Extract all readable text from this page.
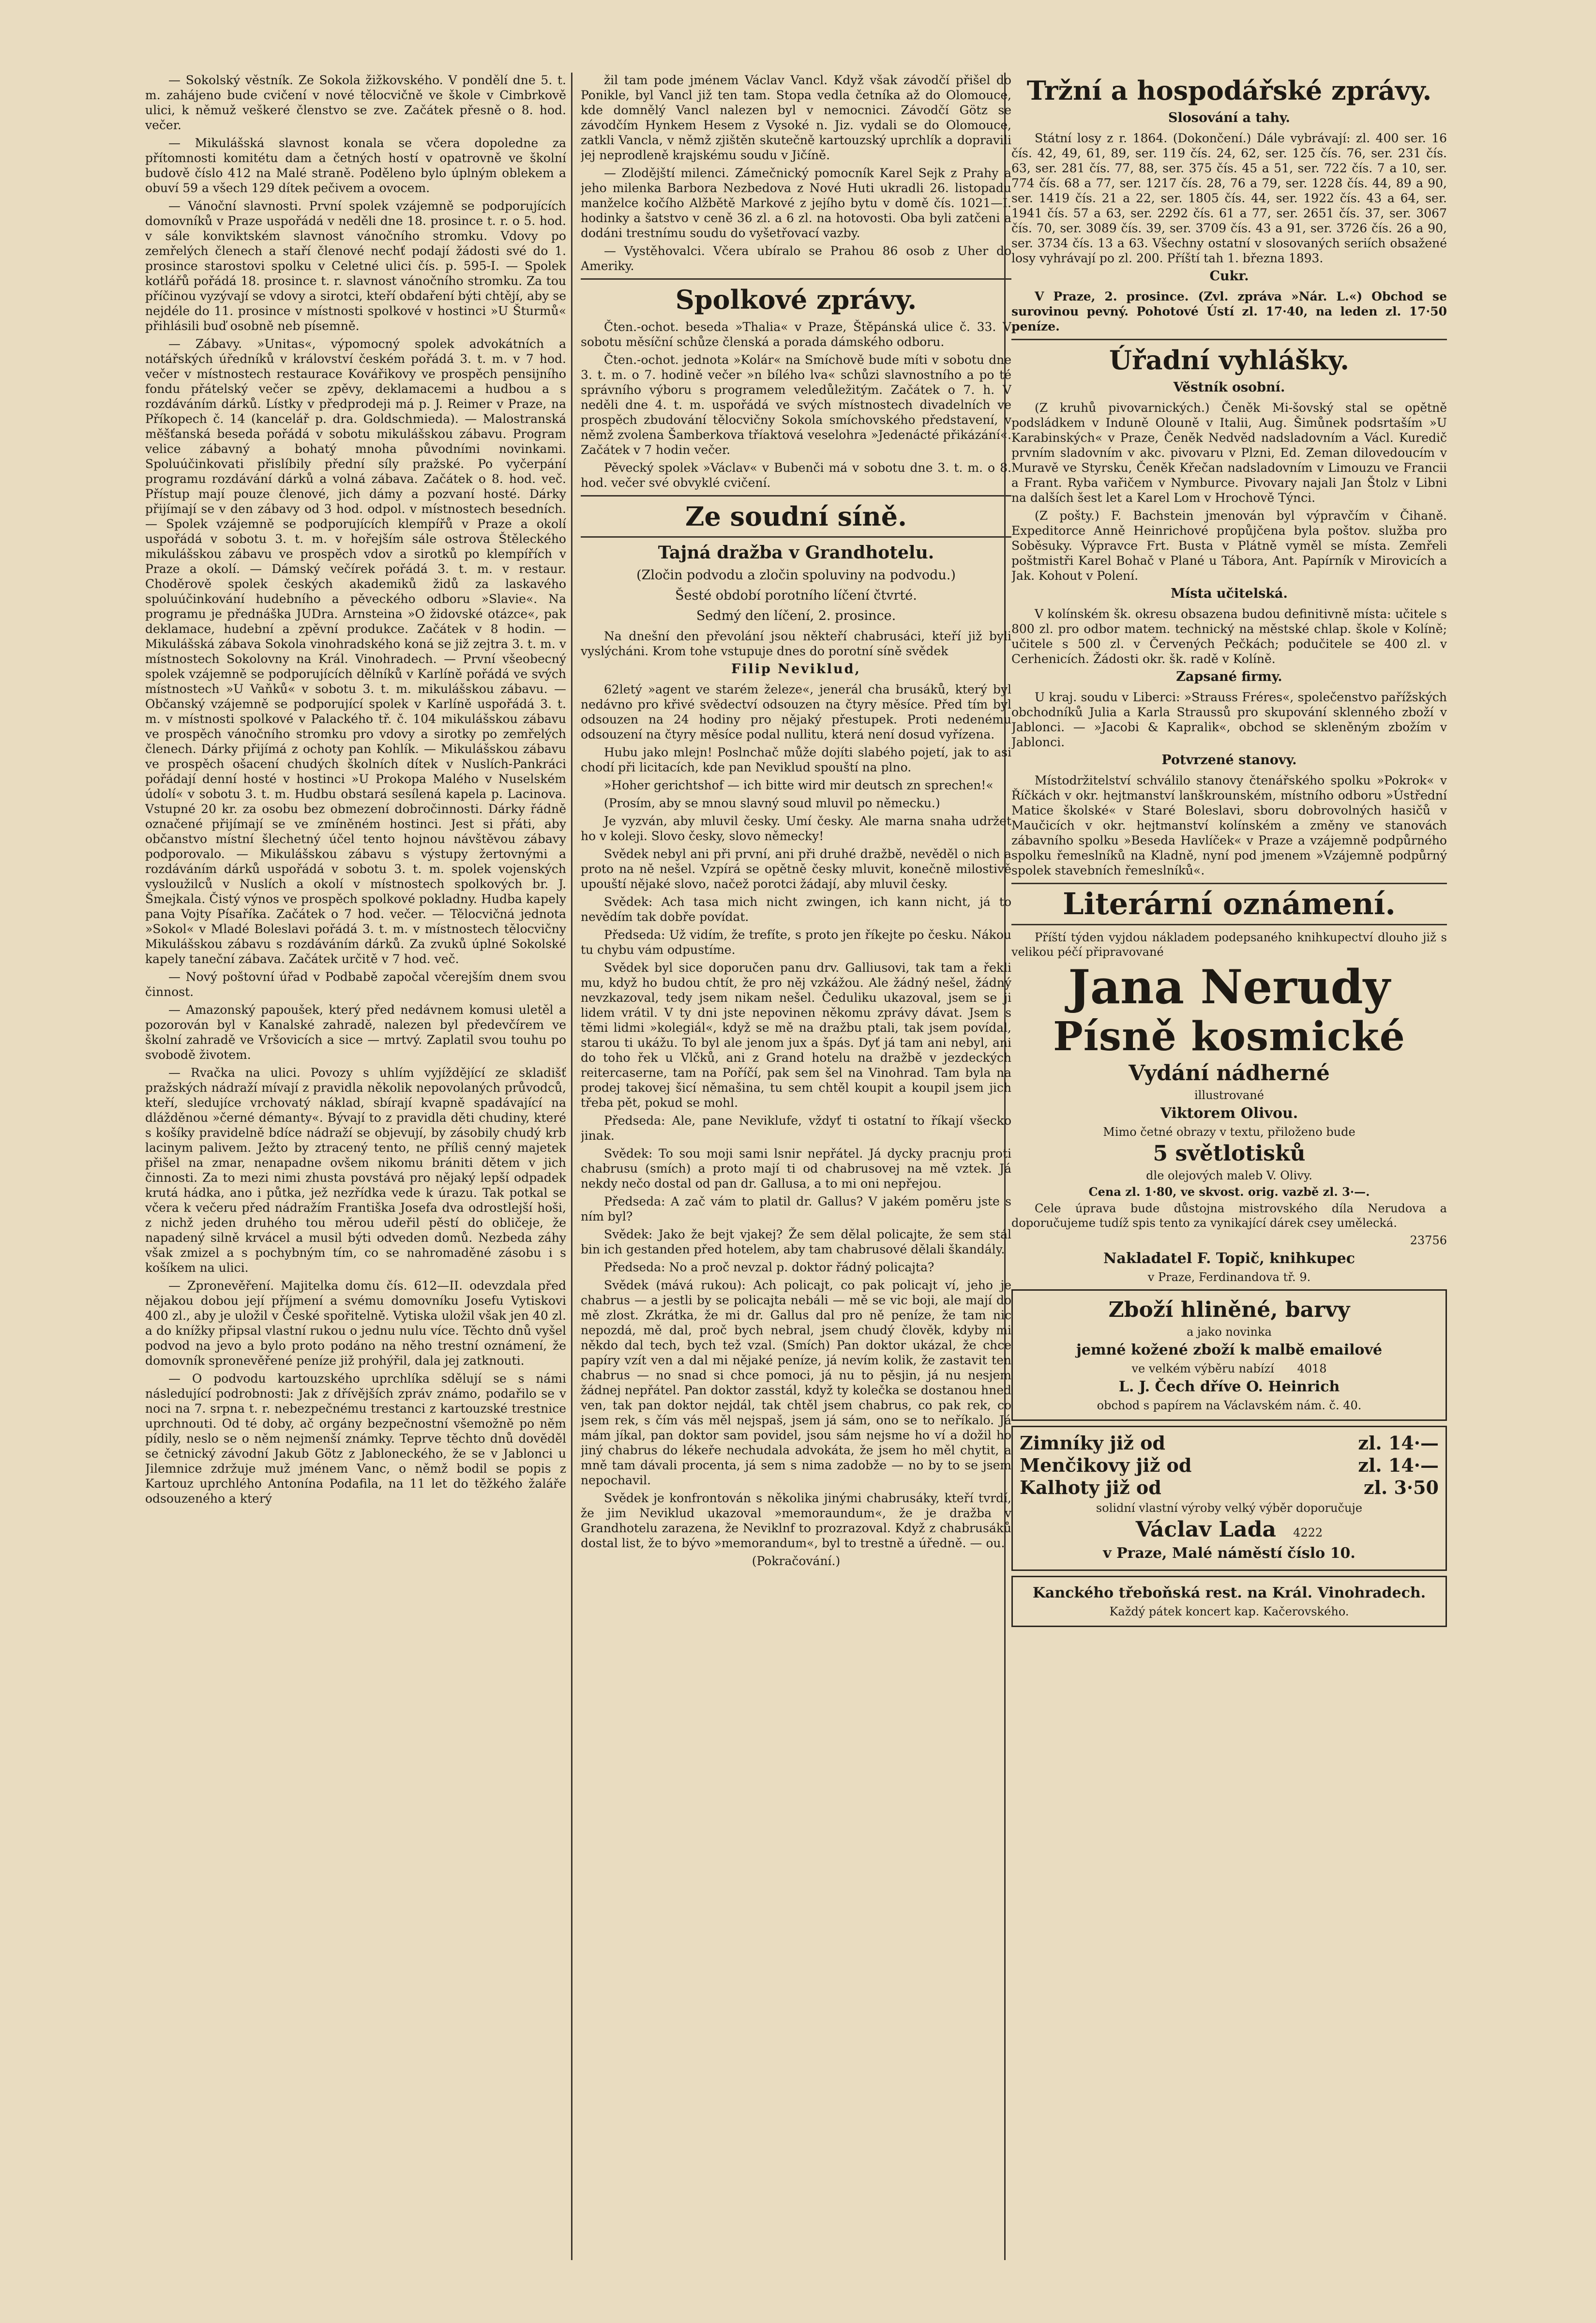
— Sokolský věstník. Ze Sokola žižkovského. V pondělí dne 5. t. m. zahájeno bude cvičení v nové tělocvičně ve škole v Cimbrkově ulici, k němuž veškeré členstvo se zve. Začátek přesně o 8. hod. večer.

— Mikulášská slavnost konala se včera dopoledne za přítomnosti komitétu dam a četných hostí v opatrovně ve školní budově číslo 412 na Malé straně. Poděleno bylo úplným oblekem a obuví 59 a všech 129 dítek pečivem a ovocem.

— Vánoční slavnosti. První spolek vzájemně se podporujících domovníků v Praze uspořádá v neděli dne 18. prosince t. r. o 5. hod. v sále konviktském slavnost vánočního stromku. Vdovy po zemřelých členech a staří členové nechť podají žádosti své do 1. prosince starostovi spolku v Celetné ulici čís. p. 595-I. — Spolek kotlářů pořádá 18. prosince t. r. slavnost vánočního stromku. Za tou příčinou vyzývají se vdovy a sirotci, kteří obdaření býti chtějí, aby se nejdéle do 11. prosince v místnosti spolkové v hostinci »U Šturmů« přihlásili buď osobně neb písemně.

— Zábavy. »Unitas«, výpomocný spolek advokátních a notářských úředníků v království českém pořádá 3. t. m. v 7 hod. večer v místnostech restaurace Kovářikovy ve prospěch pensijního fondu přátelský večer se zpěvy, deklamacemi a hudbou a s rozdáváním dárků. Lístky v předprodeji má p. J. Reimer v Praze, na Příkopech č. 14 (kancelář p. dra. Goldschmieda). — Malostranská měšťanská beseda pořádá v sobotu mikulášskou zábavu. Program velice zábavný a bohatý mnoha původními novinkami. Spoluúčinkovati přislíbily přední síly pražské. Po vyčerpání programu rozdávání dárků a volná zábava. Začátek o 8. hod. več. Přístup mají pouze členové, jich dámy a pozvaní hosté. Dárky přijímají se v den zábavy od 3 hod. odpol. v místnostech besedních. — Spolek vzájemně se podporujících klempířů v Praze a okolí uspořádá v sobotu 3. t. m. v hořejším sále ostrova Štěleckého mikulášskou zábavu ve prospěch vdov a sirotků po klempířích v Praze a okolí. — Dámský večírek pořádá 3. t. m. v restaur. Choděrově spolek českých akademiků židů za laskavého spoluúčinkování hudebního a pěveckého odboru »Slavie«. Na programu je přednáška JUDra. Arnsteina »O židovské otázce«, pak deklamace, hudební a zpěvní produkce. Začátek v 8 hodin. — Mikulášská zábava Sokola vinohradského koná se již zejtra 3. t. m. v místnostech Sokolovny na Král. Vinohradech. — První všeobecný spolek vzájemně se podporujících dělníků v Karlíně pořádá ve svých místnostech »U Vaňků« v sobotu 3. t. m. mikulášskou zábavu. — Občanský vzájemně se podporující spolek v Karlíně uspořádá 3. t. m. v místnosti spolkové v Palackého tř. č. 104 mikulášskou zábavu ve prospěch vánočního stromku pro vdovy a sirotky po zemřelých členech. Dárky přijímá z ochoty pan Kohlík. — Mikulášskou zábavu ve prospěch ošacení chudých školních dítek v Nuslích-Pankráci pořádají denní hosté v hostinci »U Prokopa Malého v Nuselském údolí« v sobotu 3. t. m. Hudbu obstará sesílená kapela p. Lacinova. Vstupné 20 kr. za osobu bez obmezení dobročinnosti. Dárky řádně označené přijímají se ve zmíněném hostinci. Jest si přáti, aby občanstvo místní šlechetný účel tento hojnou návštěvou zábavy podporovalo. — Mikulášskou zábavu s výstupy žertovnými a rozdáváním dárků uspořádá v sobotu 3. t. m. spolek vojenských vysloužilců v Nuslích a okolí v místnostech spolkových br. J. Šmejkala. Čistý výnos ve prospěch spolkové pokladny. Hudba kapely pana Vojty Písaříka. Začátek o 7 hod. večer. — Tělocvičná jednota »Sokol« v Mladé Boleslavi pořádá 3. t. m. v místnostech tělocvičny Mikulášskou zábavu s rozdáváním dárků. Za zvuků úplné Sokolské kapely taneční zábava. Začátek určitě v 7 hod. več.

— Nový poštovní úřad v Podbabě započal včerejším dnem svou činnost.

— Amazonský papoušek, který před nedávnem komusi uletěl a pozorován byl v Kanalské zahradě, nalezen byl předevčírem ve školní zahradě ve Vršovicích a sice — mrtvý. Zaplatil svou touhu po svobodě životem.

— Rvačka na ulici. Povozy s uhlím vyjíždějící ze skladišť pražských nádraží mívají z pravidla několik nepovolaných průvodců, kteří, sledujíce vrchovatý náklad, sbírají kvapně spadávající na dlážděnou »černé démanty«. Bývají to z pravidla děti chudiny, které s košíky pravidelně bdíce nádraží se objevují, by zásobily chudý krb lacinym palivem. Ježto by ztracený tento, ne příliš cenný majetek přišel na zmar, nenapadne ovšem nikomu brániti dětem v jich činnosti. Za to mezi nimi zhusta povstává pro nějaký lepší odpadek krutá hádka, ano i půtka, jež nezřídka vede k úrazu. Tak potkal se včera k večeru před nádražím Františka Josefa dva odrostlejší hoši, z nichž jeden druhého tou měrou udeřil pěstí do obličeje, že napadený silně krvácel a musil býti odveden domů. Nezbeda záhy však zmizel a s pochybným tím, co se nahromaděné zásobu i s košíkem na ulici.

— Zpronevěření. Majitelka domu čís. 612—II. odevzdala před nějakou dobou její příjmení a svému domovníku Josefu Vytiskovi 400 zl., aby je uložil v České spořitelně. Vytiska uložil však jen 40 zl. a do knížky připsal vlastní rukou o jednu nulu více. Těchto dnů vyšel podvod na jevo a bylo proto podáno na něho trestní oznámení, že domovník spronevěřené peníze již prohýřil, dala jej zatknouti.

— O podvodu kartouzského uprchlíka sdělují se s námi následující podrobnosti: Jak z dřívějších zpráv známo, podařilo se v noci na 7. srpna t. r. nebezpečnému trestanci z kartouzské trestnice uprchnouti. Od té doby, ač orgány bezpečnostní všemožně po něm pídily, neslo se o něm nejmenší známky. Teprve těchto dnů dověděl se četnický závodní Jakub Götz z Jabloneckého, že se v Jablonci u Jilemnice zdržuje muž jménem Vanc, o němž bodil se popis z Kartouz uprchlého Antonína Podafila, na 11 let do těžkého žaláře odsouzeného a který

žil tam pode jménem Václav Vancl. Když však závodčí přišel do Ponikle, byl Vancl již ten tam. Stopa vedla četníka až do Olomouce, kde domnělý Vancl nalezen byl v nemocnici. Závodčí Götz se závodčím Hynkem Hesem z Vysoké n. Jiz. vydali se do Olomouce, zatkli Vancla, v němž zjištěn skutečně kartouzský uprchlík a dopravili jej neprodleně krajskému soudu v Jičíně.

— Zlodějští milenci. Zámečnický pomocník Karel Sejk z Prahy a jeho milenka Barbora Nezbedova z Nové Huti ukradli 26. listopadu manželce kočího Alžbětě Markové z jejího bytu v domě čís. 1021—I. hodinky a šatstvo v ceně 36 zl. a 6 zl. na hotovosti. Oba byli zatčeni a dodáni trestnímu soudu do vyšetřovací vazby.

— Vystěhovalci. Včera ubíralo se Prahou 86 osob z Uher do Ameriky.

Spolkové zprávy.

Čten.-ochot. beseda »Thalia« v Praze, Štěpánská ulice č. 33. V sobotu měsíční schůze členská a porada dámského odboru.

Čten.-ochot. jednota »Kolár« na Smíchově bude míti v sobotu dne 3. t. m. o 7. hodině večer »n bílého lva« schůzi slavnostního a po té správního výboru s programem veledůležitým. Začátek o 7. h. V neděli dne 4. t. m. uspořádá ve svých místnostech divadelních ve prospěch zbudování tělocvičny Sokola smíchovského představení, v němž zvolena Šamberkova tříaktová veselohra »Jedenácté přikázání«. Začátek v 7 hodin večer.

Pěvecký spolek »Václav« v Bubenči má v sobotu dne 3. t. m. o 8. hod. večer své obvyklé cvičení.

Ze soudní síně.
Tajná dražba v Grandhotelu.
(Zločin podvodu a zločin spoluviny na podvodu.)
Šesté období porotního líčení čtvrté.
Sedmý den líčení, 2. prosince.

Na dnešní den převolání jsou někteří chabrusáci, kteří již byli vyslýcháni. Krom tohe vstupuje dnes do porotní síně svědek

Filip Neviklud,

62letý »agent ve starém železe«, jenerál cha brusáků, který byl nedávno pro křivé svědectví odsouzen na čtyry měsíce. Před tím byl odsouzen na 24 hodiny pro nějaký přestupek. Proti nedenému odsouzení na čtyry měsíce podal nullitu, která není dosud vyřízena.

Hubu jako mlejn! Poslnchač může dojíti slabého pojetí, jak to asi chodí při licitacích, kde pan Neviklud spouští na plno.

»Hoher gerichtshof — ich bitte wird mir deutsch zn sprechen!«

(Prosím, aby se mnou slavný soud mluvil po německu.)

Je vyzván, aby mluvil česky. Umí česky. Ale marna snaha udržet ho v koleji. Slovo česky, slovo německy!

Svědek nebyl ani při první, ani při druhé dražbě, nevěděl o nich a proto na ně nešel. Vzpírá se opětně česky mluvit, konečně milostivě upouští nějaké slovo, načež porotci žádají, aby mluvil česky.

Svědek: Ach tasa mich nicht zwingen, ich kann nicht, já to nevědím tak dobře povídat.

Předseda: Už vidím, že trefíte, s proto jen říkejte po česku. Nákou tu chybu vám odpustíme.

Svědek byl sice doporučen panu drv. Galliusovi, tak tam a řekli mu, když ho budou chtít, že pro něj vzkážou. Ale žádný nešel, žádný nevzkazoval, tedy jsem nikam nešel. Čeduliku ukazoval, jsem se ji lidem vrátil. V ty dni jste nepovinen někomu zprávy dávat. Jsem s těmi lidmi »kolegiál«, když se mě na dražbu ptali, tak jsem povídal, starou ti ukážu. To byl ale jenom jux a špás. Dyť já tam ani nebyl, ani do toho řek u Vlčků, ani z Grand hotelu na dražbě v jezdeckých reitercaserne, tam na Poříčí, pak sem šel na Vinohrad. Tam byla na prodej takovej šicí němašina, tu sem chtěl koupit a koupil jsem jich třeba pět, pokud se mohl.

Předseda: Ale, pane Neviklufe, vždyť ti ostatní to říkají všecko jinak.

Svědek: To sou moji sami lsnir nepřátel. Já dycky pracnju proti chabrusu (smích) a proto mají ti od chabrusovej na mě vztek. Já nekdy nečo dostal od pan dr. Gallusa, a to mi oni nepřejou.

Předseda: A zač vám to platil dr. Gallus? V jakém poměru jste s ním byl?

Svědek: Jako že bejt vjakej? Že sem dělal policajte, že sem stál bin ich gestanden před hotelem, aby tam chabrusové dělali škandály.

Předseda: No a proč nevzal p. doktor řádný policajta?

Svědek (mává rukou): Ach policajt, co pak policajt ví, jeho je chabrus — a jestli by se policajta nebáli — mě se vic boji, ale mají do mě zlost. Zkrátka, že mi dr. Gallus dal pro ně peníze, že tam nic nepozdá, mě dal, proč bych nebral, jsem chudý člověk, kdyby mi někdo dal tech, bych tež vzal. (Smích) Pan doktor ukázal, že chce papíry vzít ven a dal mi nějaké peníze, já nevím kolik, že zastavit ten chabrus — no snad si chce pomoci, já nu to pěsjin, já nu nesjem žádnej nepřátel. Pan doktor zasstál, když ty kolečka se dostanou hned ven, tak pan doktor nejdál, tak chtěl jsem chabrus, co pak rek, co jsem rek, s čím vás měl nejspaš, jsem já sám, ono se to neříkalo. Já mám jíkal, pan doktor sam povidel, jsou sám nejsme ho ví a dožil ho jiný chabrus do lékeře nechudala advokáta, že jsem ho měl chytit, a mně tam dávali procenta, já sem s nima zadobže — no by to se jsem nepochavil.

Svědek je konfrontován s několika jinými chabrusáky, kteří tvrdí, že jim Neviklud ukazoval »memoraundum«, že je dražba v Grandhotelu zarazena, že Neviklnf to prozrazoval. Když z chabrusáků dostal list, že to bývo »memorandum«, byl to trestně a úředně. — ou.

(Pokračování.)

Tržní a hospodářské zprávy.
Slosování a tahy.

Státní losy z r. 1864. (Dokončení.) Dále vybrávají: zl. 400 ser. 16 čís. 42, 49, 61, 89, ser. 119 čís. 24, 62, ser. 125 čís. 76, ser. 231 čís. 63, ser. 281 čís. 77, 88, ser. 375 čís. 45 a 51, ser. 722 čís. 7 a 10, ser. 774 čís. 68 a 77, ser. 1217 čís. 28, 76 a 79, ser. 1228 čís. 44, 89 a 90, ser. 1419 čís. 21 a 22, ser. 1805 čís. 44, ser. 1922 čís. 43 a 64, ser. 1941 čís. 57 a 63, ser. 2292 čís. 61 a 77, ser. 2651 čís. 37, ser. 3067 čís. 70, ser. 3089 čís. 39, ser. 3709 čís. 43 a 91, ser. 3726 čís. 26 a 90, ser. 3734 čís. 13 a 63. Všechny ostatní v slosovaných seriích obsažené losy vyhrávají po zl. 200. Příští tah 1. března 1893.

Cukr.

V Praze, 2. prosince. (Zvl. zpráva »Nár. L.«) Obchod se surovinou pevný. Pohotové Ústí zl. 17·40, na leden zl. 17·50 peníze.

Úřadní vyhlášky.
Věstník osobní.

(Z kruhů pivovarnických.) Čeněk Mi-šovský stal se opětně podsládkem v Induně Olouně v Italii, Aug. Šimůnek podsrtaším »U Karabinských« v Praze, Čeněk Nedvěd nadsladovním a Václ. Kuredič prvním sladovním v akc. pivovaru v Plzni, Ed. Zeman dilovedoucím v Muravě ve Styrsku, Čeněk Křečan nadsladovním v Limouzu ve Francii a Frant. Ryba vařičem v Nymburce. Pivovary najali Jan Štolz v Libni na dalších šest let a Karel Lom v Hrochově Týnci.

(Z pošty.) F. Bachstein jmenován byl výpravčím v Čihaně. Expeditorce Anně Heinrichové propůjčena byla poštov. služba pro Soběsuky. Výpravce Frt. Busta v Plátně vyměl se místa. Zemřeli poštmistři Karel Bohač v Plané u Tábora, Ant. Papírník v Mirovicích a Jak. Kohout v Polení.

Místa učitelská.

V kolínském šk. okresu obsazena budou definitivně místa: učitele s 800 zl. pro odbor matem. technický na městské chlap. škole v Kolíně; učitele s 500 zl. v Červených Pečkách; podučitele se 400 zl. v Cerhenicích. Žádosti okr. šk. radě v Kolíně.

Zapsané firmy.

U kraj. soudu v Liberci: »Strauss Fréres«, společenstvo pařížských obchodníků Julia a Karla Straussů pro skupování sklenného zboží v Jablonci. — »Jacobi & Kapralik«, obchod se skleněným zbožím v Jablonci.

Potvrzené stanovy.

Místodržitelství schválilo stanovy čtenářského spolku »Pokrok« v Říčkách v okr. hejtmanství lanškrounském, místního odboru »Ústřední Matice školské« v Staré Boleslavi, sboru dobrovolných hasičů v Maučicích v okr. hejtmanství kolínském a změny ve stanovách zábavního spolku »Beseda Havlíček« v Praze a vzájemně podpůrného spolku řemeslníků na Kladně, nyní pod jmenem »Vzájemně podpůrný spolek stavebních řemeslníků«.

Literární oznámení.

Příští týden vyjdou nákladem podepsaného knihkupectví dlouho již s velikou péčí připravované

Jana Nerudy
Písně kosmické
Vydání nádherné
illustrované
Viktorem Olivou.
Mimo četné obrazy v textu, přiloženo bude
5 světlotisků
dle olejových maleb V. Olivy.
Cena zl. 1·80, ve skvost. orig. vazbě zl. 3·—.

Cele úprava bude důstojna mistrovského díla Nerudova a doporučujeme tudíž spis tento za vynikající dárek csey umělecká.

23756
Nakladatel F. Topič, knihkupec
v Praze, Ferdinandova tř. 9.
Zboží hliněné, barvy
a jako novinka
jemné kožené zboží k malbě emailové
ve velkém výběru nabízí 4018
L. J. Čech dříve O. Heinrich
obchod s papírem na Václavském nám. č. 40.
Zimníky již od	zl. 14·—
Menčikovy již od	zl. 14·—
Kalhoty již od	zl. 3·50
solidní vlastní výroby velký výběr doporučuje
Václav Lada 4222
v Praze, Malé náměstí číslo 10.
Kanckého třeboňská rest. na Král. Vinohradech.
Každý pátek koncert kap. Kačerovského.
